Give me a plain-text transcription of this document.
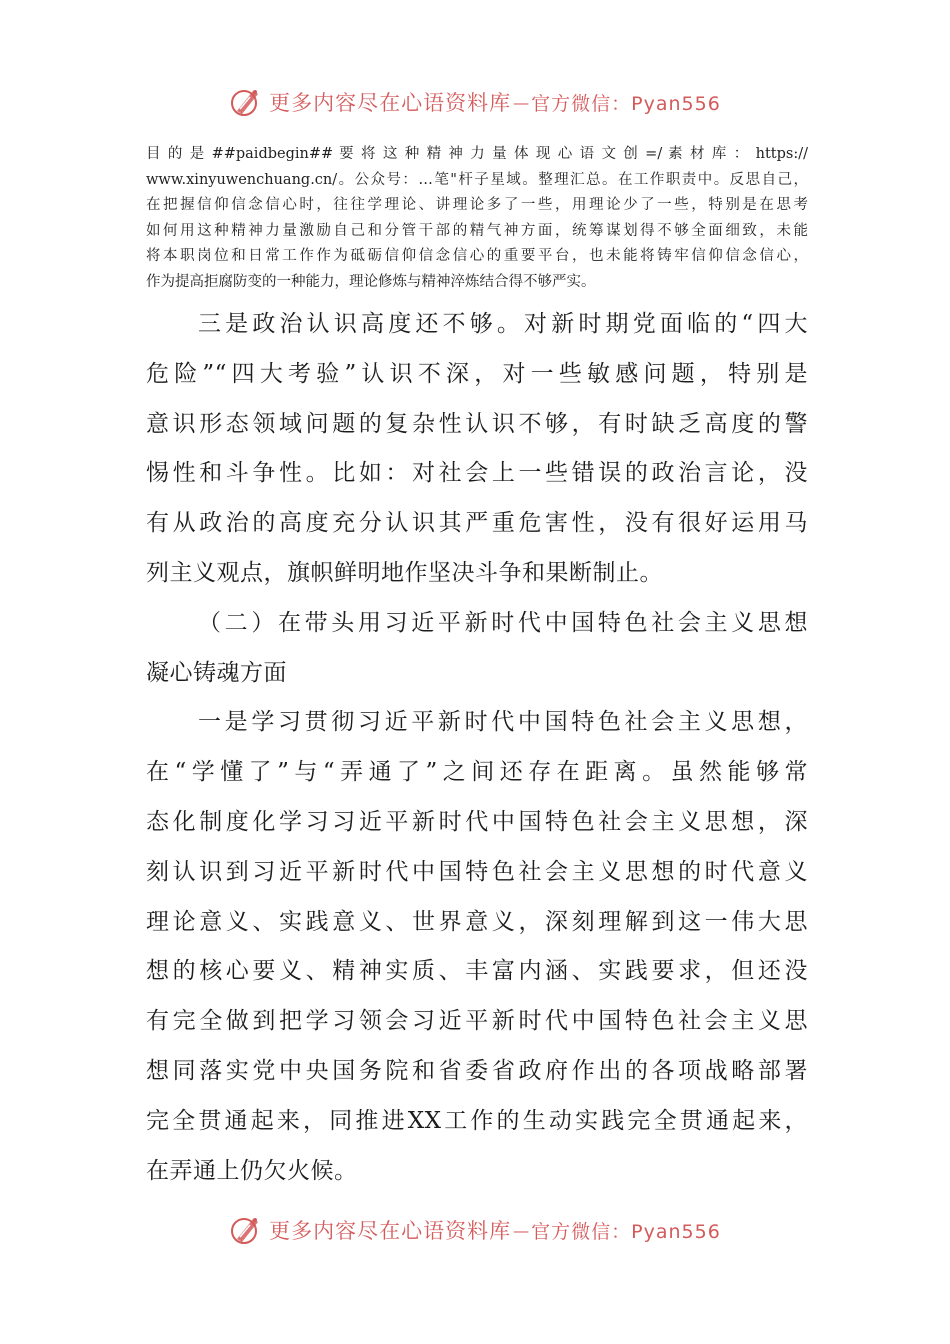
更多内容尽在心语资料库 — 官方微信：Pyan556

目 的 是 ##paidbegin## 要 将 这 种 精 神 力 量 体 现 心 语 文 创 =/ 素 材 库 ： https://

www.xinyuwenchuang.cn/。公众号：…笔"杆子星域。整理汇总。在工作职责中。反思自己，

在把握信仰信念信心时，往往学理论、讲理论多了一些，用理论少了一些，特别是在思考

如何用这种精神力量激励自己和分管干部的精气神方面，统筹谋划得不够全面细致，未能

将本职岗位和日常工作作为砥砺信仰信念信心的重要平台，也未能将铸牢信仰信念信心，

作为提高拒腐防变的一种能力，理论修炼与精神淬炼结合得不够严实。

三是政治认识高度还不够。对新时期党面临的“四大
危险”“四大考验”认识不深，对一些敏感问题，特别是
意识形态领域问题的复杂性认识不够，有时缺乏高度的警
惕性和斗争性。比如：对社会上一些错误的政治言论，没
有从政治的高度充分认识其严重危害性，没有很好运用马
列主义观点，旗帜鲜明地作坚决斗争和果断制止。
（二）在带头用习近平新时代中国特色社会主义思想
凝心铸魂方面
一是学习贯彻习近平新时代中国特色社会主义思想，
在“学懂了”与“弄通了”之间还存在距离。虽然能够常
态化制度化学习习近平新时代中国特色社会主义思想，深
刻认识到习近平新时代中国特色社会主义思想的时代意义
理论意义、实践意义、世界意义，深刻理解到这一伟大思
想的核心要义、精神实质、丰富内涵、实践要求，但还没
有完全做到把学习领会习近平新时代中国特色社会主义思
想同落实党中央国务院和省委省政府作出的各项战略部署
完全贯通起来，同推进XX工作的生动实践完全贯通起来，
在弄通上仍欠火候。
更多内容尽在心语资料库 — 官方微信：Pyan556
